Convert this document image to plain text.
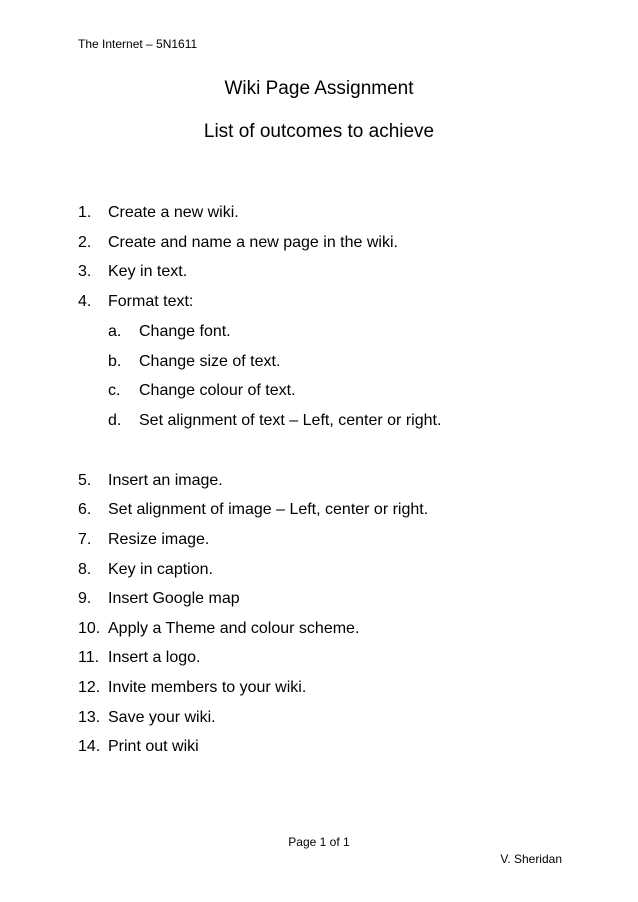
The Internet – 5N1611
Wiki Page Assignment
List of outcomes to achieve
1. Create a new wiki.
2. Create and name a new page in the wiki.
3. Key in text.
4. Format text:
a. Change font.
b. Change size of text.
c. Change colour of text.
d. Set alignment of text – Left, center or right.
5. Insert an image.
6. Set alignment of image – Left, center or right.
7. Resize image.
8. Key in caption.
9. Insert Google map
10. Apply a Theme and colour scheme.
11. Insert a logo.
12. Invite members to your wiki.
13. Save your wiki.
14. Print out wiki
Page 1 of 1
V. Sheridan
